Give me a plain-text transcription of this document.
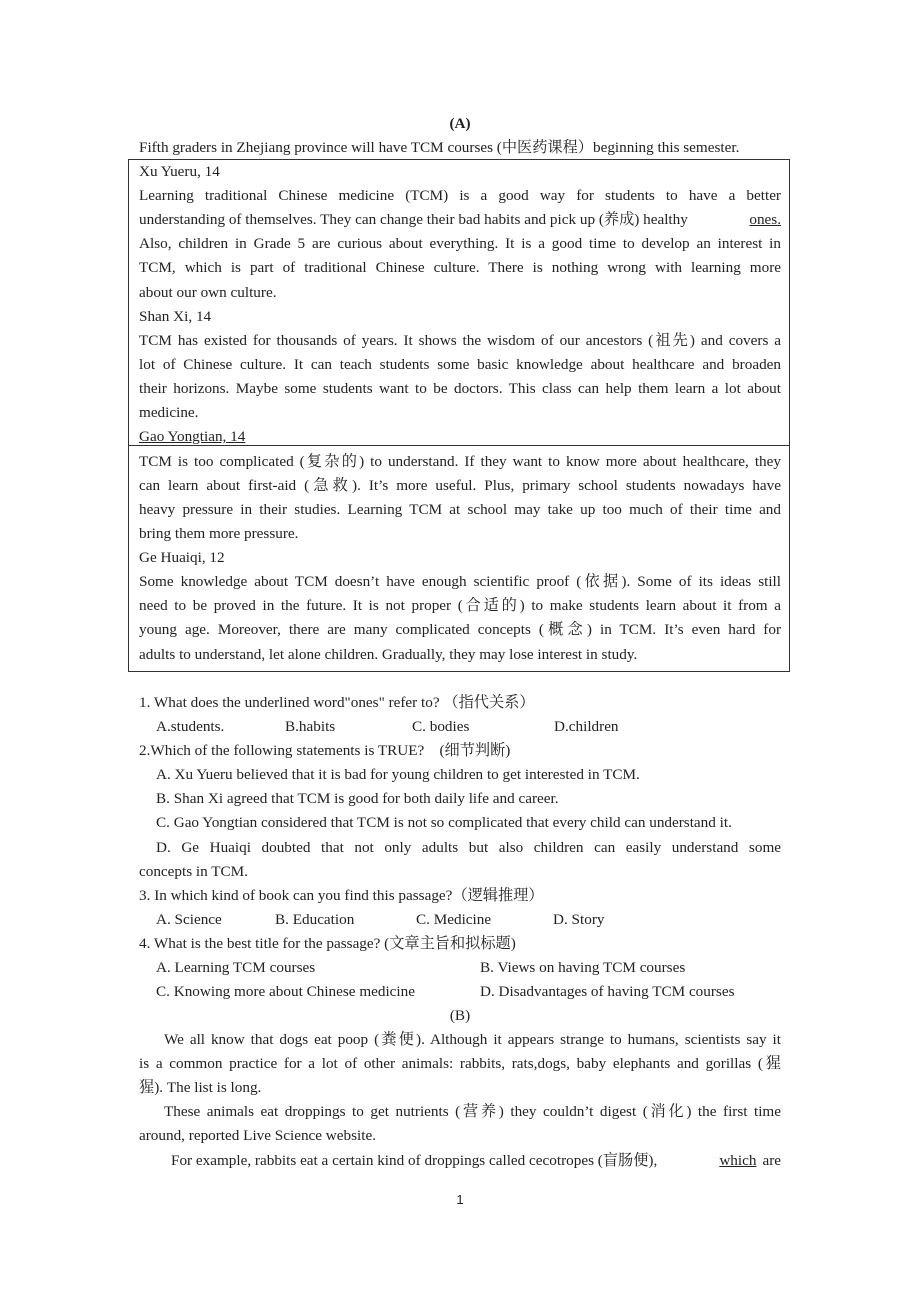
(A)
Fifth graders in Zhejiang province will have TCM courses (中医药课程）beginning this semester.
Xu Yueru, 14
Learning traditional Chinese medicine (TCM) is a good way for students to have a better
understanding of themselves. They can change their bad habits and pick up (养成) healthy	ones.
Also, children in Grade 5 are curious about everything. It is a good time to develop an interest in
TCM, which is part of traditional Chinese culture. There is nothing wrong with learning more
about our own culture.
Shan Xi, 14
TCM has existed for thousands of years. It shows the wisdom of our ancestors (祖先) and covers a
lot of Chinese culture. It can teach students some basic knowledge about healthcare and broaden
their horizons. Maybe some students want to be doctors. This class can help them learn a lot about
medicine.
Gao Yongtian, 14
TCM is too complicated (复杂的) to understand. If they want to know more about healthcare, they
can learn about first-aid (急救). It’s more useful. Plus, primary school students nowadays have
heavy pressure in their studies. Learning TCM at school may take up too much of their time and
bring them more pressure.
Ge Huaiqi, 12
Some knowledge about TCM doesn’t have enough scientific proof (依据). Some of its ideas still
need to be proved in the future. It is not proper (合适的) to make students learn about it from a
young age. Moreover, there are many complicated concepts (概念) in TCM. It’s even hard for
adults to understand, let alone children. Gradually, they may lose interest in study.
1. What does the underlined word"ones" refer to? （指代关系）
A.students.	B.habits	C. bodies	D.children
2.Which of the following statements is TRUE?　(细节判断)
A. Xu Yueru believed that it is bad for young children to get interested in TCM.
B. Shan Xi agreed that TCM is good for both daily life and career.
C. Gao Yongtian considered that TCM is not so complicated that every child can understand it.
D. Ge Huaiqi doubted that not only adults but also children can easily understand some
concepts in TCM.
3. In which kind of book can you find this passage?（逻辑推理）
A. Science	B. Education	C. Medicine	D. Story
4. What is the best title for the passage? (文章主旨和拟标题)
A. Learning TCM courses	B. Views on having TCM courses
C. Knowing more about Chinese medicine	D. Disadvantages of having TCM courses
(B)
We all know that dogs eat poop (粪便). Although it appears strange to humans, scientists say it
is a common practice for a lot of other animals: rabbits, rats,dogs, baby elephants and gorillas (猩
猩). The list is long.
These animals eat droppings to get nutrients (营养) they couldn’t digest (消化) the first time
around, reported Live Science website.
For example, rabbits eat a certain kind of droppings called cecotropes (盲肠便),	which are
1
